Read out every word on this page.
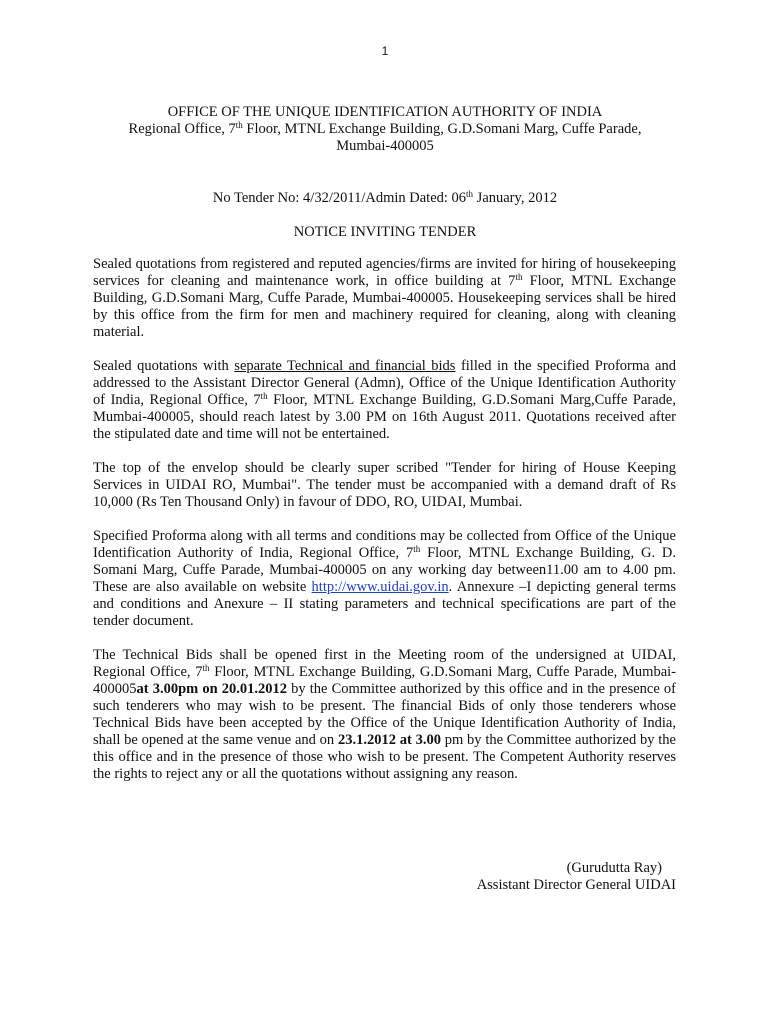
1
OFFICE OF THE UNIQUE IDENTIFICATION AUTHORITY OF INDIA
Regional Office, 7th Floor, MTNL Exchange Building, G.D.Somani Marg, Cuffe Parade,
Mumbai-400005
No Tender No: 4/32/2011/Admin Dated: 06th January, 2012
NOTICE INVITING TENDER

Sealed quotations from registered and reputed agencies/firms are invited for hiring of housekeeping services for cleaning and maintenance work, in office building at 7th Floor, MTNL Exchange Building, G.D.Somani Marg, Cuffe Parade, Mumbai-400005. Housekeeping services shall be hired by this office from the firm for men and machinery required for cleaning, along with cleaning material.

Sealed quotations with separate Technical and financial bids filled in the specified Proforma and addressed to the Assistant Director General (Admn), Office of the Unique Identification Authority of India, Regional Office, 7th Floor, MTNL Exchange Building, G.D.Somani Marg,Cuffe Parade, Mumbai-400005, should reach latest by 3.00 PM on 16th August 2011. Quotations received after the stipulated date and time will not be entertained.

The top of the envelop should be clearly super scribed "Tender for hiring of House Keeping Services in UIDAI RO, Mumbai". The tender must be accompanied with a demand draft of Rs 10,000 (Rs Ten Thousand Only) in favour of DDO, RO, UIDAI, Mumbai.

Specified Proforma along with all terms and conditions may be collected from Office of the Unique Identification Authority of India, Regional Office, 7th Floor, MTNL Exchange Building, G. D. Somani Marg, Cuffe Parade, Mumbai-400005 on any working day between11.00 am to 4.00 pm. These are also available on website http://www.uidai.gov.in. Annexure –I depicting general terms and conditions and Anexure – II stating parameters and technical specifications are part of the tender document.

The Technical Bids shall be opened first in the Meeting room of the undersigned at UIDAI, Regional Office, 7th Floor, MTNL Exchange Building, G.D.Somani Marg, Cuffe Parade, Mumbai-400005at 3.00pm on 20.01.2012 by the Committee authorized by this office and in the presence of such tenderers who may wish to be present. The financial Bids of only those tenderers whose Technical Bids have been accepted by the Office of the Unique Identification Authority of India, shall be opened at the same venue and on 23.1.2012 at 3.00 pm by the Committee authorized by the this office and in the presence of those who wish to be present. The Competent Authority reserves the rights to reject any or all the quotations without assigning any reason.

(Gurudutta Ray)
Assistant Director General UIDAI
